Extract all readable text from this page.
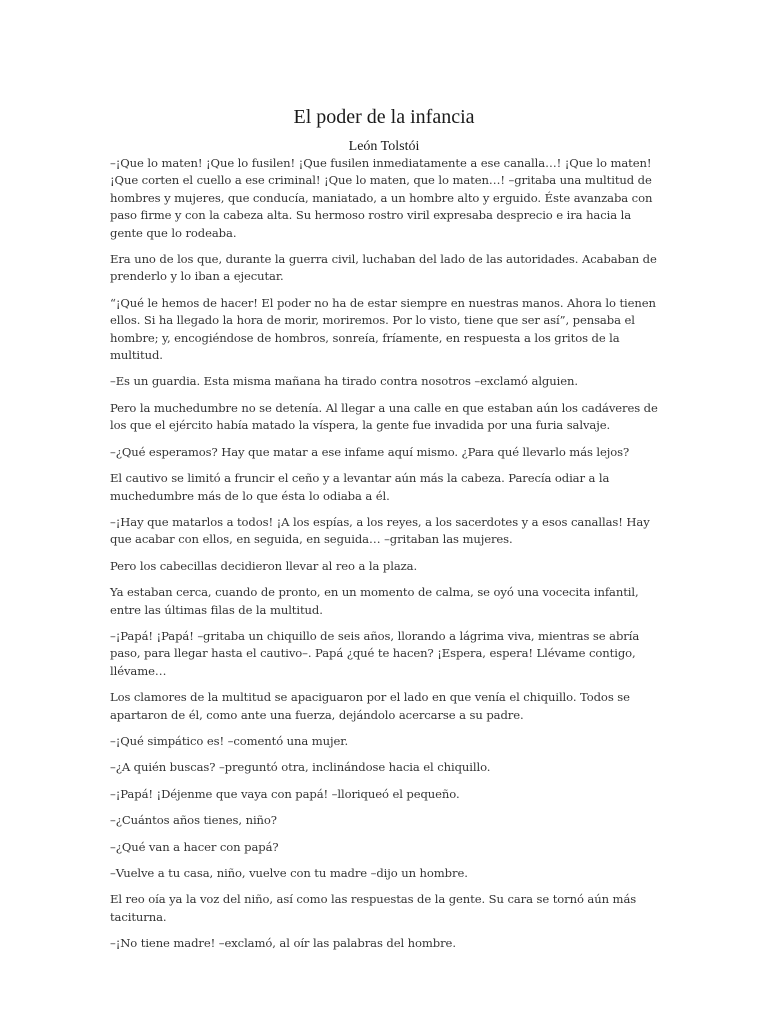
El poder de la infancia
León Tolstói

–¡Que lo maten! ¡Que lo fusilen! ¡Que fusilen inmediatamente a ese canalla…! ¡Que lo maten! ¡Que corten el cuello a ese criminal! ¡Que lo maten, que lo maten…! –gritaba una multitud de hombres y mujeres, que conducía, maniatado, a un hombre alto y erguido. Éste avanzaba con paso firme y con la cabeza alta. Su hermoso rostro viril expresaba desprecio e ira hacia la gente que lo rodeaba.

Era uno de los que, durante la guerra civil, luchaban del lado de las autoridades. Acababan de prenderlo y lo iban a ejecutar.

“¡Qué le hemos de hacer! El poder no ha de estar siempre en nuestras manos. Ahora lo tienen ellos. Si ha llegado la hora de morir, moriremos. Por lo visto, tiene que ser así”, pensaba el hombre; y, encogiéndose de hombros, sonreía, fríamente, en respuesta a los gritos de la multitud.

–Es un guardia. Esta misma mañana ha tirado contra nosotros –exclamó alguien.

Pero la muchedumbre no se detenía. Al llegar a una calle en que estaban aún los cadáveres de los que el ejército había matado la víspera, la gente fue invadida por una furia salvaje.

–¿Qué esperamos? Hay que matar a ese infame aquí mismo. ¿Para qué llevarlo más lejos?

El cautivo se limitó a fruncir el ceño y a levantar aún más la cabeza. Parecía odiar a la muchedumbre más de lo que ésta lo odiaba a él.

–¡Hay que matarlos a todos! ¡A los espías, a los reyes, a los sacerdotes y a esos canallas! Hay que acabar con ellos, en seguida, en seguida… –gritaban las mujeres.

Pero los cabecillas decidieron llevar al reo a la plaza.

Ya estaban cerca, cuando de pronto, en un momento de calma, se oyó una vocecita infantil, entre las últimas filas de la multitud.

–¡Papá! ¡Papá! –gritaba un chiquillo de seis años, llorando a lágrima viva, mientras se abría paso, para llegar hasta el cautivo–. Papá ¿qué te hacen? ¡Espera, espera! Llévame contigo, llévame…

Los clamores de la multitud se apaciguaron por el lado en que venía el chiquillo. Todos se apartaron de él, como ante una fuerza, dejándolo acercarse a su padre.

–¡Qué simpático es! –comentó una mujer.

–¿A quién buscas? –preguntó otra, inclinándose hacia el chiquillo.

–¡Papá! ¡Déjenme que vaya con papá! –lloriqueó el pequeño.

–¿Cuántos años tienes, niño?

–¿Qué van a hacer con papá?

–Vuelve a tu casa, niño, vuelve con tu madre –dijo un hombre.

El reo oía ya la voz del niño, así como las respuestas de la gente. Su cara se tornó aún más taciturna.

–¡No tiene madre! –exclamó, al oír las palabras del hombre.
